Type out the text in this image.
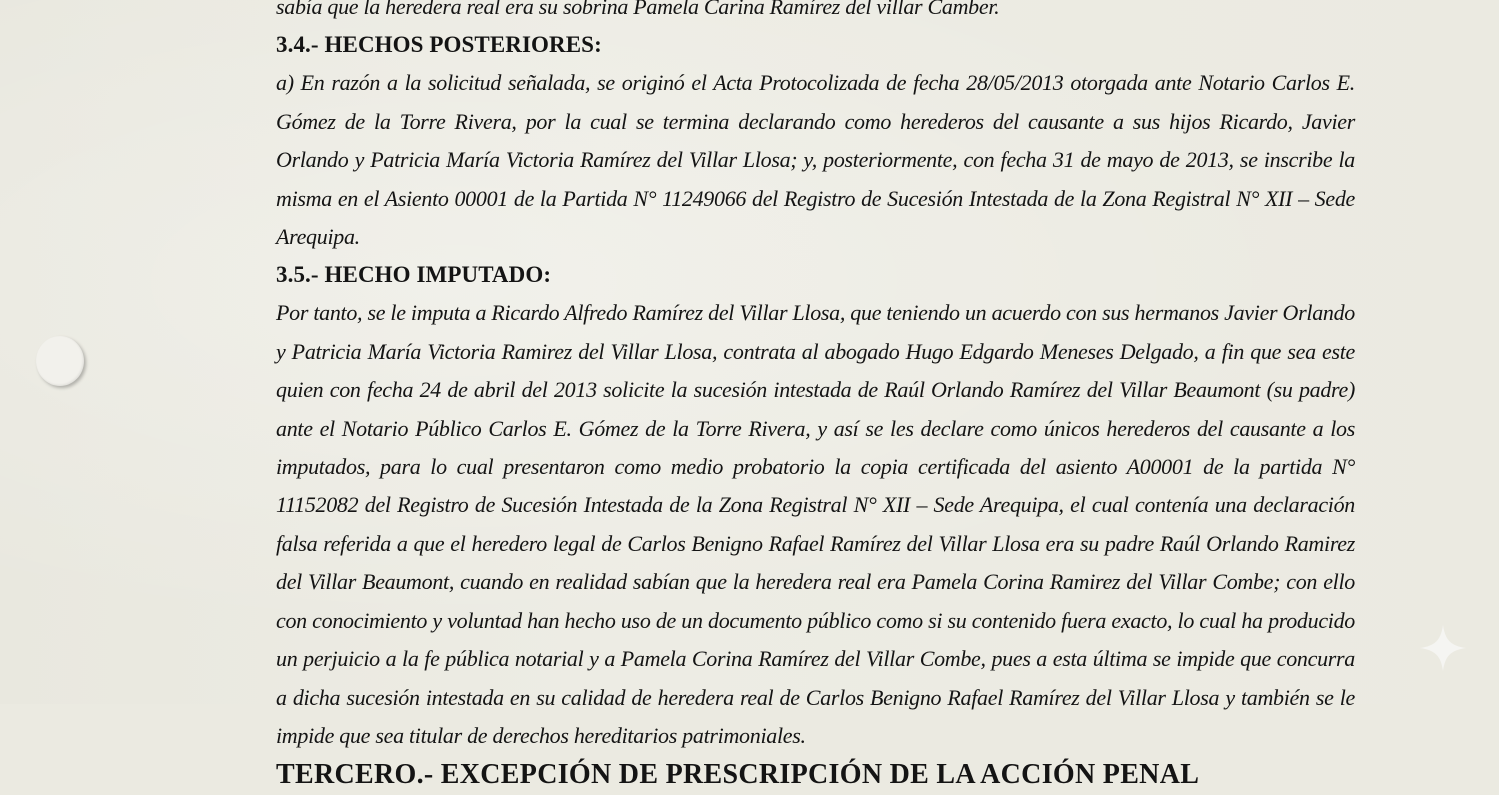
sabía que la heredera real era su sobrina Pamela Carina Ramírez del villar Camber.

3.4.- HECHOS POSTERIORES:

a) En razón a la solicitud señalada, se originó el Acta Protocolizada de fecha 28/05/2013 otorgada ante Notario Carlos E. Gómez de la Torre Rivera, por la cual se termina declarando como herederos del causante a sus hijos Ricardo, Javier Orlando y Patricia María Victoria Ramírez del Villar Llosa; y, posteriormente, con fecha 31 de mayo de 2013, se inscribe la misma en el Asiento 00001 de la Partida N° 11249066 del Registro de Sucesión Intestada de la Zona Registral N° XII – Sede Arequipa.

3.5.- HECHO IMPUTADO:

Por tanto, se le imputa a Ricardo Alfredo Ramírez del Villar Llosa, que teniendo un acuerdo con sus hermanos Javier Orlando y Patricia María Victoria Ramirez del Villar Llosa, contrata al abogado Hugo Edgardo Meneses Delgado, a fin que sea este quien con fecha 24 de abril del 2013 solicite la sucesión intestada de Raúl Orlando Ramírez del Villar Beaumont (su padre) ante el Notario Público Carlos E. Gómez de la Torre Rivera, y así se les declare como únicos herederos del causante a los imputados, para lo cual presentaron como medio probatorio la copia certificada del asiento A00001 de la partida N° 11152082 del Registro de Sucesión Intestada de la Zona Registral N° XII – Sede Arequipa, el cual contenía una declaración falsa referida a que el heredero legal de Carlos Benigno Rafael Ramírez del Villar Llosa era su padre Raúl Orlando Ramirez del Villar Beaumont, cuando en realidad sabían que la heredera real era Pamela Corina Ramirez del Villar Combe; con ello con conocimiento y voluntad han hecho uso de un documento público como si su contenido fuera exacto, lo cual ha producido un perjuicio a la fe pública notarial y a Pamela Corina Ramírez del Villar Combe, pues a esta última se impide que concurra a dicha sucesión intestada en su calidad de heredera real de Carlos Benigno Rafael Ramírez del Villar Llosa y también se le impide que sea titular de derechos hereditarios patrimoniales.

TERCERO.- EXCEPCIÓN DE PRESCRIPCIÓN DE LA ACCIÓN PENAL
